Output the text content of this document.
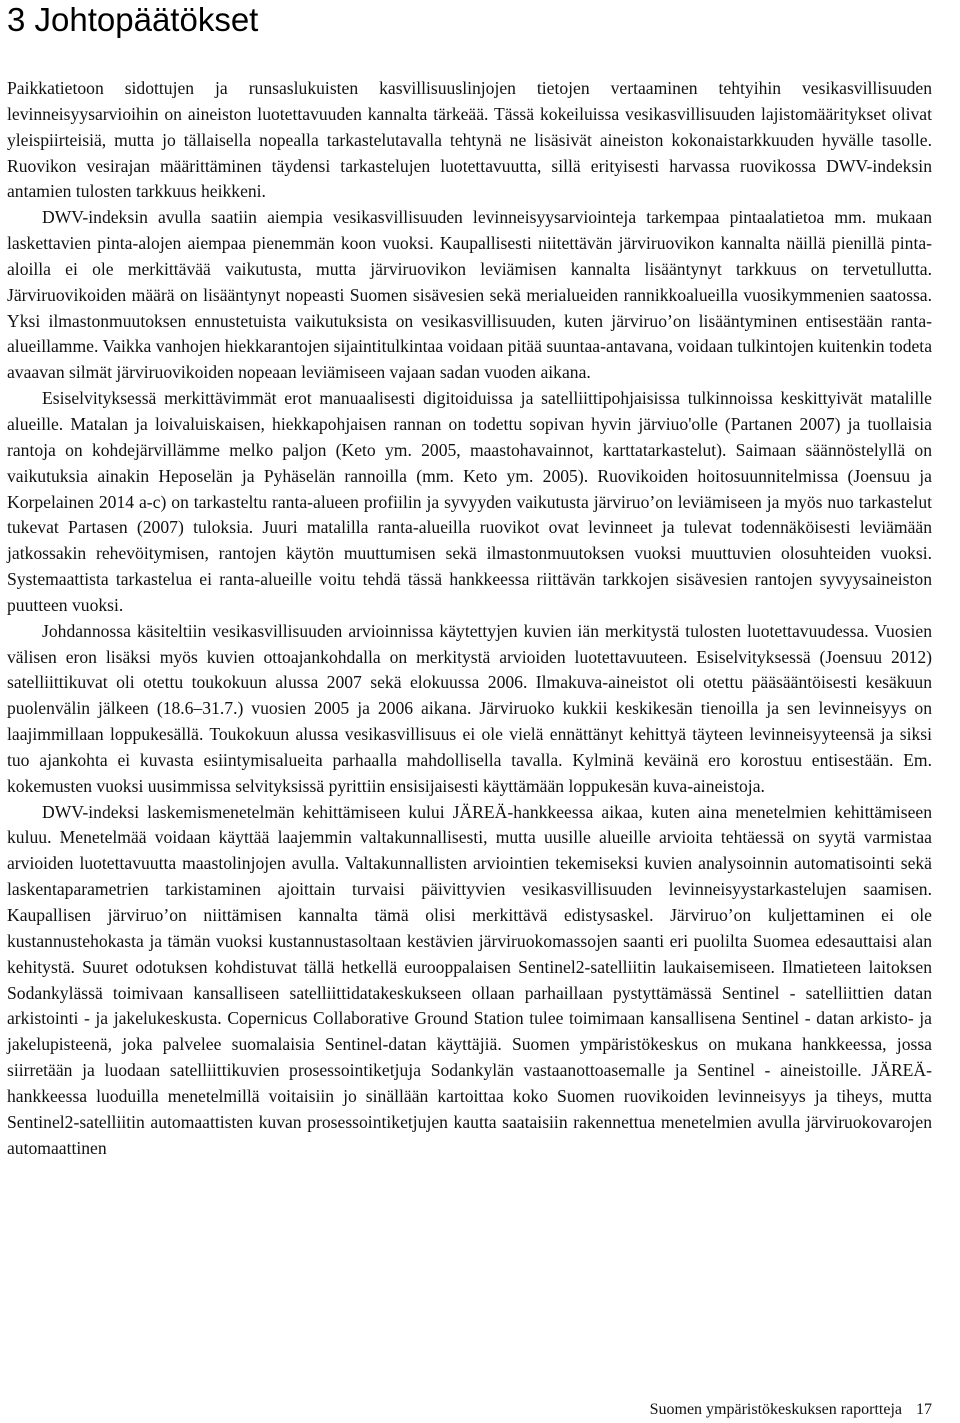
3 Johtopäätökset

Paikkatietoon sidottujen ja runsaslukuisten kasvillisuuslinjojen tietojen vertaaminen tehtyihin vesikasvillisuuden levinneisyysarvioihin on aineiston luotettavuuden kannalta tärkeää. Tässä kokeiluissa vesikasvillisuuden lajistomääritykset olivat yleispiirteisiä, mutta jo tällaisella nopealla tarkastelutavalla tehtynä ne lisäsivät aineiston kokonaistarkkuuden hyvälle tasolle. Ruovikon vesirajan määrittäminen täydensi tarkastelujen luotettavuutta, sillä erityisesti harvassa ruovikossa DWV-indeksin antamien tulosten tarkkuus heikkeni.

DWV-indeksin avulla saatiin aiempia vesikasvillisuuden levinneisyysarviointeja tarkempaa pintaalatietoa mm. mukaan laskettavien pinta-alojen aiempaa pienemmän koon vuoksi. Kaupallisesti niitettävän järviruovikon kannalta näillä pienillä pinta-aloilla ei ole merkittävää vaikutusta, mutta järviruovikon leviämisen kannalta lisääntynyt tarkkuus on tervetullutta. Järviruovikoiden määrä on lisääntynyt nopeasti Suomen sisävesien sekä merialueiden rannikkoalueilla vuosikymmenien saatossa. Yksi ilmastonmuutoksen ennustetuista vaikutuksista on vesikasvillisuuden, kuten järviruo’on lisääntyminen entisestään ranta-alueillamme. Vaikka vanhojen hiekkarantojen sijaintitulkintaa voidaan pitää suuntaa-antavana, voidaan tulkintojen kuitenkin todeta avaavan silmät järviruovikoiden nopeaan leviämiseen vajaan sadan vuoden aikana.

Esiselvityksessä merkittävimmät erot manuaalisesti digitoiduissa ja satelliittipohjaisissa tulkinnoissa keskittyivät matalille alueille. Matalan ja loivaluiskaisen, hiekkapohjaisen rannan on todettu sopivan hyvin järviuo'olle (Partanen 2007) ja tuollaisia rantoja on kohdejärvillämme melko paljon (Keto ym. 2005, maastohavainnot, karttatarkastelut). Saimaan säännöstelyllä on vaikutuksia ainakin Heposelän ja Pyhäselän rannoilla (mm. Keto ym. 2005). Ruovikoiden hoitosuunnitelmissa (Joensuu ja Korpelainen 2014 a-c) on tarkasteltu ranta-alueen profiilin ja syvyyden vaikutusta järviruo’on leviämiseen ja myös nuo tarkastelut tukevat Partasen (2007) tuloksia. Juuri matalilla ranta-alueilla ruovikot ovat levinneet ja tulevat todennäköisesti leviämään jatkossakin rehevöitymisen, rantojen käytön muuttumisen sekä ilmastonmuutoksen vuoksi muuttuvien olosuhteiden vuoksi. Systemaattista tarkastelua ei ranta-alueille voitu tehdä tässä hankkeessa riittävän tarkkojen sisävesien rantojen syvyysaineiston puutteen vuoksi.

Johdannossa käsiteltiin vesikasvillisuuden arvioinnissa käytettyjen kuvien iän merkitystä tulosten luotettavuudessa. Vuosien välisen eron lisäksi myös kuvien ottoajankohdalla on merkitystä arvioiden luotettavuuteen. Esiselvityksessä (Joensuu 2012) satelliittikuvat oli otettu toukokuun alussa 2007 sekä elokuussa 2006. Ilmakuva-aineistot oli otettu pääsääntöisesti kesäkuun puolenvälin jälkeen (18.6–31.7.) vuosien 2005 ja 2006 aikana. Järviruoko kukkii keskikesän tienoilla ja sen levinneisyys on laajimmillaan loppukesällä. Toukokuun alussa vesikasvillisuus ei ole vielä ennättänyt kehittyä täyteen levinneisyyteensä ja siksi tuo ajankohta ei kuvasta esiintymisalueita parhaalla mahdollisella tavalla. Kylminä keväinä ero korostuu entisestään. Em. kokemusten vuoksi uusimmissa selvityksissä pyrittiin ensisijaisesti käyttämään loppukesän kuva-aineistoja.

DWV-indeksi laskemismenetelmän kehittämiseen kului JÄREÄ-hankkeessa aikaa, kuten aina menetelmien kehittämiseen kuluu. Menetelmää voidaan käyttää laajemmin valtakunnallisesti, mutta uusille alueille arvioita tehtäessä on syytä varmistaa arvioiden luotettavuutta maastolinjojen avulla. Valtakunnallisten arviointien tekemiseksi kuvien analysoinnin automatisointi sekä laskentaparametrien tarkistaminen ajoittain turvaisi päivittyvien vesikasvillisuuden levinneisyystarkastelujen saamisen. Kaupallisen järviruo’on niittämisen kannalta tämä olisi merkittävä edistysaskel. Järviruo’on kuljettaminen ei ole kustannustehokasta ja tämän vuoksi kustannustasoltaan kestävien järviruokomassojen saanti eri puolilta Suomea edesauttaisi alan kehitystä. Suuret odotuksen kohdistuvat tällä hetkellä eurooppalaisen Sentinel2-satelliitin laukaisemiseen. Ilmatieteen laitoksen Sodankylässä toimivaan kansalliseen satelliittidatakeskukseen ollaan parhaillaan pystyttämässä Sentinel - satelliittien datan arkistointi - ja jakelukeskusta. Copernicus Collaborative Ground Station tulee toimimaan kansallisena Sentinel - datan arkisto- ja jakelupisteenä, joka palvelee suomalaisia Sentinel-datan käyttäjiä. Suomen ympäristökeskus on mukana hankkeessa, jossa siirretään ja luodaan satelliittikuvien prosessointiketjuja Sodankylän vastaanottoasemalle ja Sentinel - aineistoille. JÄREÄ-hankkeessa luoduilla menetelmillä voitaisiin jo sinällään kartoittaa koko Suomen ruovikoiden levinneisyys ja tiheys, mutta Sentinel2-satelliitin automaattisten kuvan prosessointiketjujen kautta saataisiin rakennettua menetelmien avulla järviruokovarojen automaattinen

Suomen ympäristökeskuksen raportteja 17
